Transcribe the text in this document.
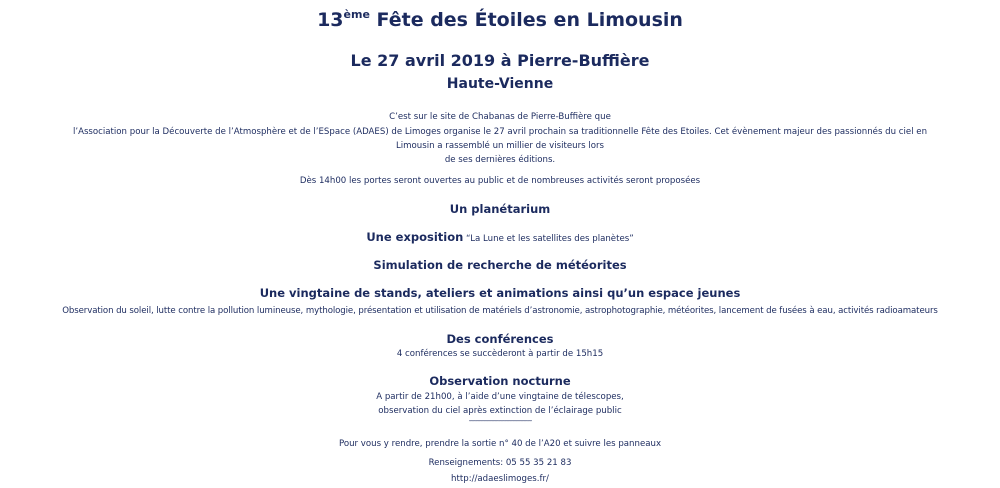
13ème Fête des Étoiles en Limousin
Le 27 avril 2019 à Pierre-Buffière
Haute-Vienne
C’est sur le site de Chabanas de Pierre-Buffière que
l’Association pour la Découverte de l’Atmosphère et de l’ESpace (ADAES) de Limoges organise le 27 avril prochain sa traditionnelle Fête des Etoiles. Cet évènement majeur des passionnés du ciel en
Limousin a rassemblé un millier de visiteurs lors
de ses dernières éditions.
Dès 14h00 les portes seront ouvertes au public et de nombreuses activités seront proposées
Un planétarium
Une exposition “La Lune et les satellites des planètes”
Simulation de recherche de météorites
Une vingtaine de stands, ateliers et animations ainsi qu’un espace jeunes
Observation du soleil, lutte contre la pollution lumineuse, mythologie, présentation et utilisation de matériels d’astronomie, astrophotographie, météorites, lancement de fusées à eau, activités radioamateurs
Des conférences
4 conférences se succèderont à partir de 15h15
Observation nocturne
A partir de 21h00, à l’aide d’une vingtaine de télescopes,
observation du ciel après extinction de l’éclairage public
-----------------------------------------
Pour vous y rendre, prendre la sortie n° 40 de l’A20 et suivre les panneaux
Renseignements: 05 55 35 21 83
http://adaeslimoges.fr/
